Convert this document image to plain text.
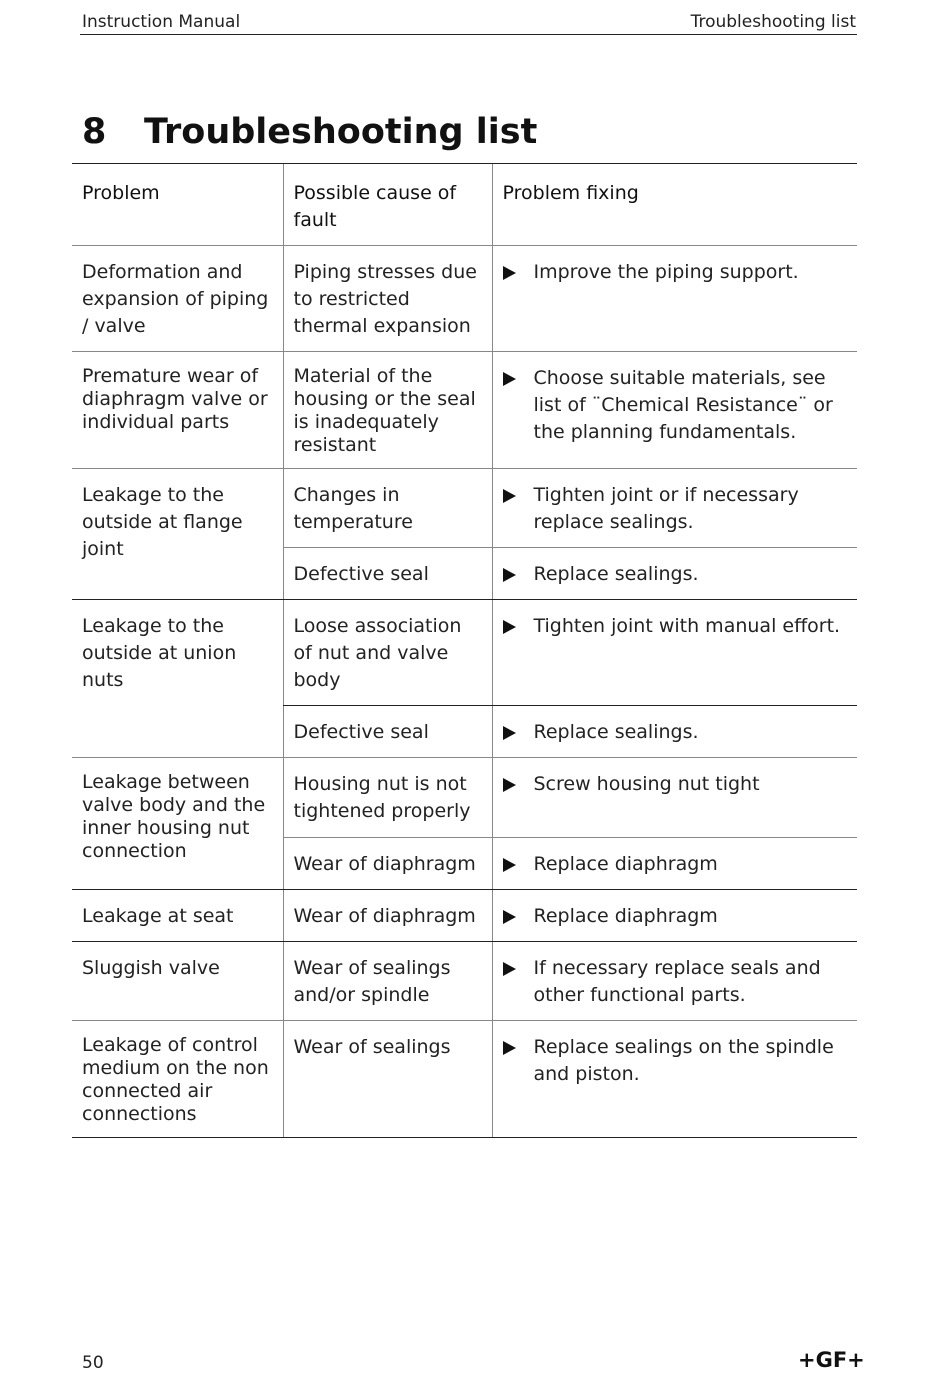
Instruction Manual	Troubleshooting list
8 Troubleshooting list
Problem	Possible cause of fault	Problem fixing
Deformation and expansion of piping / valve	Piping stresses due to restricted thermal expansion	Improve the piping support.

Premature wear of diaphragm valve or individual parts	Material of the housing or the seal is inadequately resistant	Choose suitable materials, see list of ¨Chemical Resistance¨ or the planning fundamentals.

Leakage to the outside at flange joint	Changes in temperature	Tighten joint or if necessary replace sealings.

	Defective seal	Replace sealings.

Leakage to the outside at union nuts	Loose association of nut and valve body	Tighten joint with manual effort.

	Defective seal	Replace sealings.

Leakage between valve body and the inner housing nut connection	Housing nut is not tightened properly	Screw housing nut tight

	Wear of diaphragm	Replace diaphragm

Leakage at seat	Wear of diaphragm	Replace diaphragm

Sluggish valve	Wear of sealings and/or spindle	If necessary replace seals and other functional parts.

Leakage of control medium on the non connected air connections	Wear of sealings	Replace sealings on the spindle and piston.
50	+GF+
